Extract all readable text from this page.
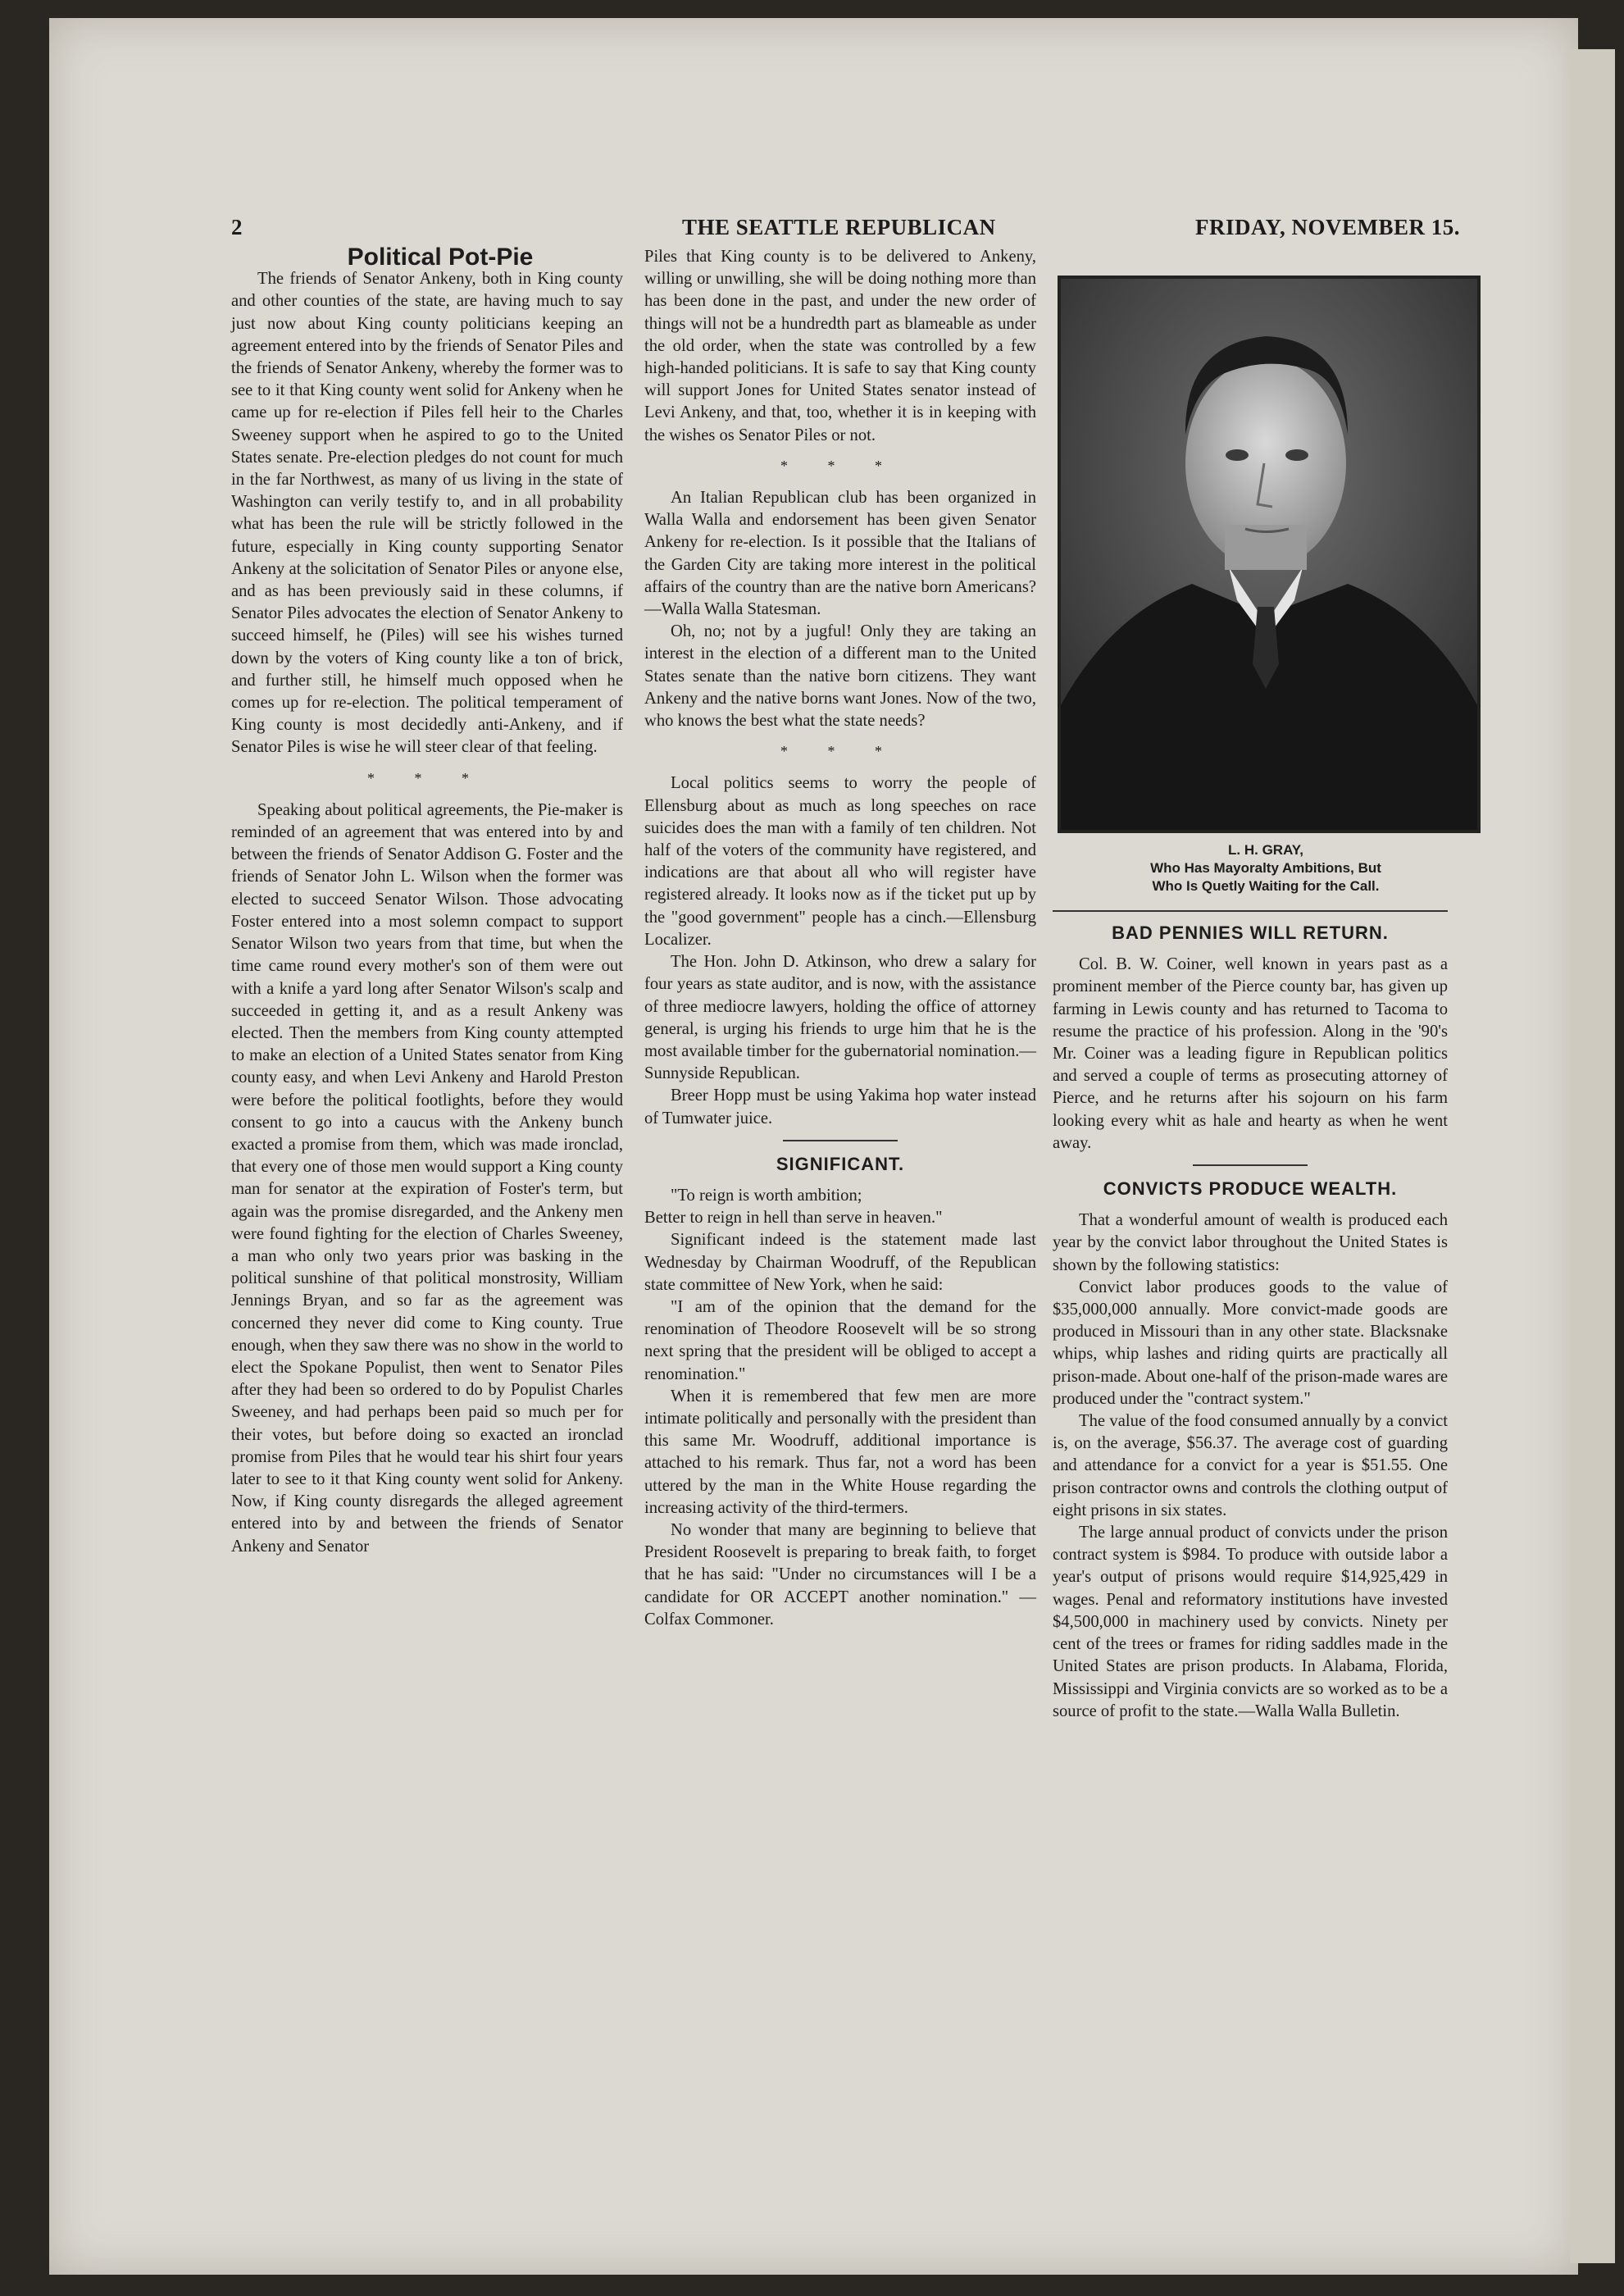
2	THE SEATTLE REPUBLICAN	FRIDAY, NOVEMBER 15.

Political Pot-Pie

The friends of Senator Ankeny, both in King county and other counties of the state, are having much to say just now about King county politicians keeping an agreement entered into by the friends of Senator Piles and the friends of Senator Ankeny, whereby the former was to see to it that King county went solid for Ankeny when he came up for re-election if Piles fell heir to the Charles Sweeney support when he aspired to go to the United States senate. Pre-election pledges do not count for much in the far Northwest, as many of us living in the state of Washington can verily testify to, and in all probability what has been the rule will be strictly followed in the future, especially in King county supporting Senator Ankeny at the solicitation of Senator Piles or anyone else, and as has been previously said in these columns, if Senator Piles advocates the election of Senator Ankeny to succeed himself, he (Piles) will see his wishes turned down by the voters of King county like a ton of brick, and further still, he himself much opposed when he comes up for re-election. The political temperament of King county is most decidedly anti-Ankeny, and if Senator Piles is wise he will steer clear of that feeling.

* * *

Speaking about political agreements, the Pie-maker is reminded of an agreement that was entered into by and between the friends of Senator Addison G. Foster and the friends of Senator John L. Wilson when the former was elected to succeed Senator Wilson. Those advocating Foster entered into a most solemn compact to support Senator Wilson two years from that time, but when the time came round every mother's son of them were out with a knife a yard long after Senator Wilson's scalp and succeeded in getting it, and as a result Ankeny was elected. Then the members from King county attempted to make an election of a United States senator from King county easy, and when Levi Ankeny and Harold Preston were before the political footlights, before they would consent to go into a caucus with the Ankeny bunch exacted a promise from them, which was made ironclad, that every one of those men would support a King county man for senator at the expiration of Foster's term, but again was the promise disregarded, and the Ankeny men were found fighting for the election of Charles Sweeney, a man who only two years prior was basking in the political sunshine of that political monstrosity, William Jennings Bryan, and so far as the agreement was concerned they never did come to King county. True enough, when they saw there was no show in the world to elect the Spokane Populist, then went to Senator Piles after they had been so ordered to do by Populist Charles Sweeney, and had perhaps been paid so much per for their votes, but before doing so exacted an ironclad promise from Piles that he would tear his shirt four years later to see to it that King county went solid for Ankeny. Now, if King county disregards the alleged agreement entered into by and between the friends of Senator Ankeny and Senator

Piles that King county is to be delivered to Ankeny, willing or unwilling, she will be doing nothing more than has been done in the past, and under the new order of things will not be a hundredth part as blameable as under the old order, when the state was controlled by a few high-handed politicians. It is safe to say that King county will support Jones for United States senator instead of Levi Ankeny, and that, too, whether it is in keeping with the wishes os Senator Piles or not.

* * *

An Italian Republican club has been organized in Walla Walla and endorsement has been given Senator Ankeny for re-election. Is it possible that the Italians of the Garden City are taking more interest in the political affairs of the country than are the native born Americans?—Walla Walla Statesman.

Oh, no; not by a jugful! Only they are taking an interest in the election of a different man to the United States senate than the native born citizens. They want Ankeny and the native borns want Jones. Now of the two, who knows the best what the state needs?

* * *

Local politics seems to worry the people of Ellensburg about as much as long speeches on race suicides does the man with a family of ten children. Not half of the voters of the community have registered, and indications are that about all who will register have registered already. It looks now as if the ticket put up by the "good government" people has a cinch.—Ellensburg Localizer.

The Hon. John D. Atkinson, who drew a salary for four years as state auditor, and is now, with the assistance of three mediocre lawyers, holding the office of attorney general, is urging his friends to urge him that he is the most available timber for the gubernatorial nomination.—Sunnyside Republican.

Breer Hopp must be using Yakima hop water instead of Tumwater juice.

SIGNIFICANT.

"To reign is worth ambition;

Better to reign in hell than serve in heaven."

Significant indeed is the statement made last Wednesday by Chairman Woodruff, of the Republican state committee of New York, when he said:

"I am of the opinion that the demand for the renomination of Theodore Roosevelt will be so strong next spring that the president will be obliged to accept a renomination."

When it is remembered that few men are more intimate politically and personally with the president than this same Mr. Woodruff, additional importance is attached to his remark. Thus far, not a word has been uttered by the man in the White House regarding the increasing activity of the third-termers.

No wonder that many are beginning to believe that President Roosevelt is preparing to break faith, to forget that he has said: "Under no circumstances will I be a candidate for OR ACCEPT another nomination." —Colfax Commoner.

L. H. GRAY,
Who Has Mayoralty Ambitions, But
Who Is Quetly Waiting for the Call.
BAD PENNIES WILL RETURN.

Col. B. W. Coiner, well known in years past as a prominent member of the Pierce county bar, has given up farming in Lewis county and has returned to Tacoma to resume the practice of his profession. Along in the '90's Mr. Coiner was a leading figure in Republican politics and served a couple of terms as prosecuting attorney of Pierce, and he returns after his sojourn on his farm looking every whit as hale and hearty as when he went away.

CONVICTS PRODUCE WEALTH.

That a wonderful amount of wealth is produced each year by the convict labor throughout the United States is shown by the following statistics:

Convict labor produces goods to the value of $35,000,000 annually. More convict-made goods are produced in Missouri than in any other state. Blacksnake whips, whip lashes and riding quirts are practically all prison-made. About one-half of the prison-made wares are produced under the "contract system."

The value of the food consumed annually by a convict is, on the average, $56.37. The average cost of guarding and attendance for a convict for a year is $51.55. One prison contractor owns and controls the clothing output of eight prisons in six states.

The large annual product of convicts under the prison contract system is $984. To produce with outside labor a year's output of prisons would require $14,925,429 in wages. Penal and reformatory institutions have invested $4,500,000 in machinery used by convicts. Ninety per cent of the trees or frames for riding saddles made in the United States are prison products. In Alabama, Florida, Mississippi and Virginia convicts are so worked as to be a source of profit to the state.—Walla Walla Bulletin.
